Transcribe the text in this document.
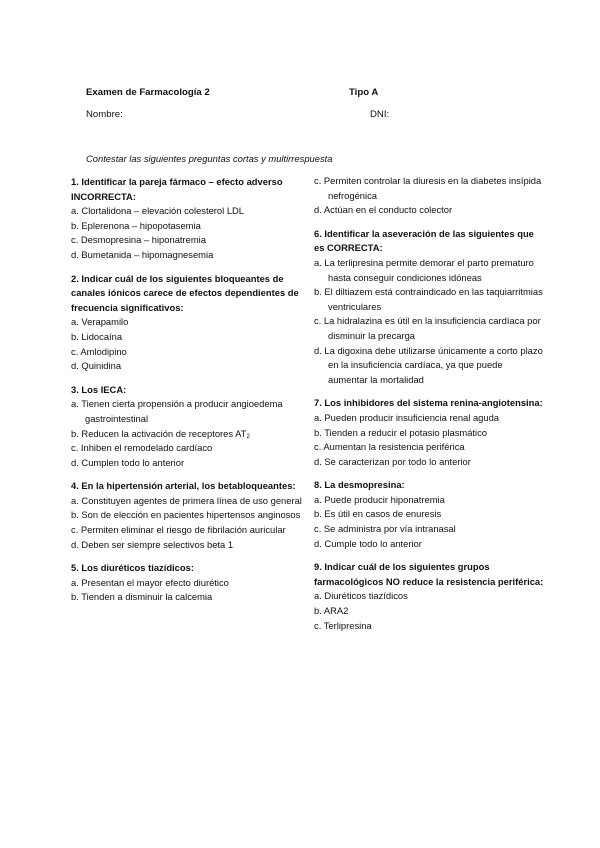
Examen de Farmacología 2	Tipo A
Nombre:	DNI:
Contestar las siguientes preguntas cortas y multirrespuesta
1. Identificar la pareja fármaco – efecto adverso INCORRECTA:
a. Clortalidona – elevación colesterol LDL
b. Eplerenona – hipopotasemia
c. Desmopresina – hiponatremia
d. Bumetanida – hipomagnesemia
2. Indicar cuál de los siguientes bloqueantes de canales iónicos carece de efectos dependientes de frecuencia significativos:
a. Verapamilo
b. Lidocaína
c. Amlodipino
d. Quinidina
3. Los IECA:
a. Tienen cierta propensión a producir angioedema gastrointestinal
b. Reducen la activación de receptores $AT_2$
c. Inhiben el remodelado cardíaco
d. Cumplen todo lo anterior
4. En la hipertensión arterial, los betabloqueantes:
a. Constituyen agentes de primera línea de uso general
b. Son de elección en pacientes hipertensos anginosos
c. Permiten eliminar el riesgo de fibrilación auricular
d. Deben ser siempre selectivos beta 1
5. Los diuréticos tiazídicos:
a. Presentan el mayor efecto diurético
b. Tienden a disminuir la calcemia
c. Permiten controlar la diuresis en la diabetes insípida nefrogénica
d. Actúan en el conducto colector
6. Identificar la aseveración de las siguientes que es CORRECTA:
a. La terlipresina permite demorar el parto prematuro hasta conseguir condiciones idóneas
b. El diltiazem está contraindicado en las taquiarritmias ventriculares
c. La hidralazina es útil en la insuficiencia cardíaca por disminuir la precarga
d. La digoxina debe utilizarse únicamente a corto plazo en la insuficiencia cardíaca, ya que puede aumentar la mortalidad
7. Los inhibidores del sistema renina-angiotensina:
a. Pueden producir insuficiencia renal aguda
b. Tienden a reducir el potasio plasmático
c. Aumentan la resistencia periférica
d. Se caracterizan por todo lo anterior
8. La desmopresina:
a. Puede producir hiponatremia
b. Es útil en casos de enuresis
c. Se administra por vía intranasal
d. Cumple todo lo anterior
9. Indicar cuál de los siguientes grupos farmacológicos NO reduce la resistencia periférica:
a. Diuréticos tiazídicos
b. ARA2
c. Terlipresina
